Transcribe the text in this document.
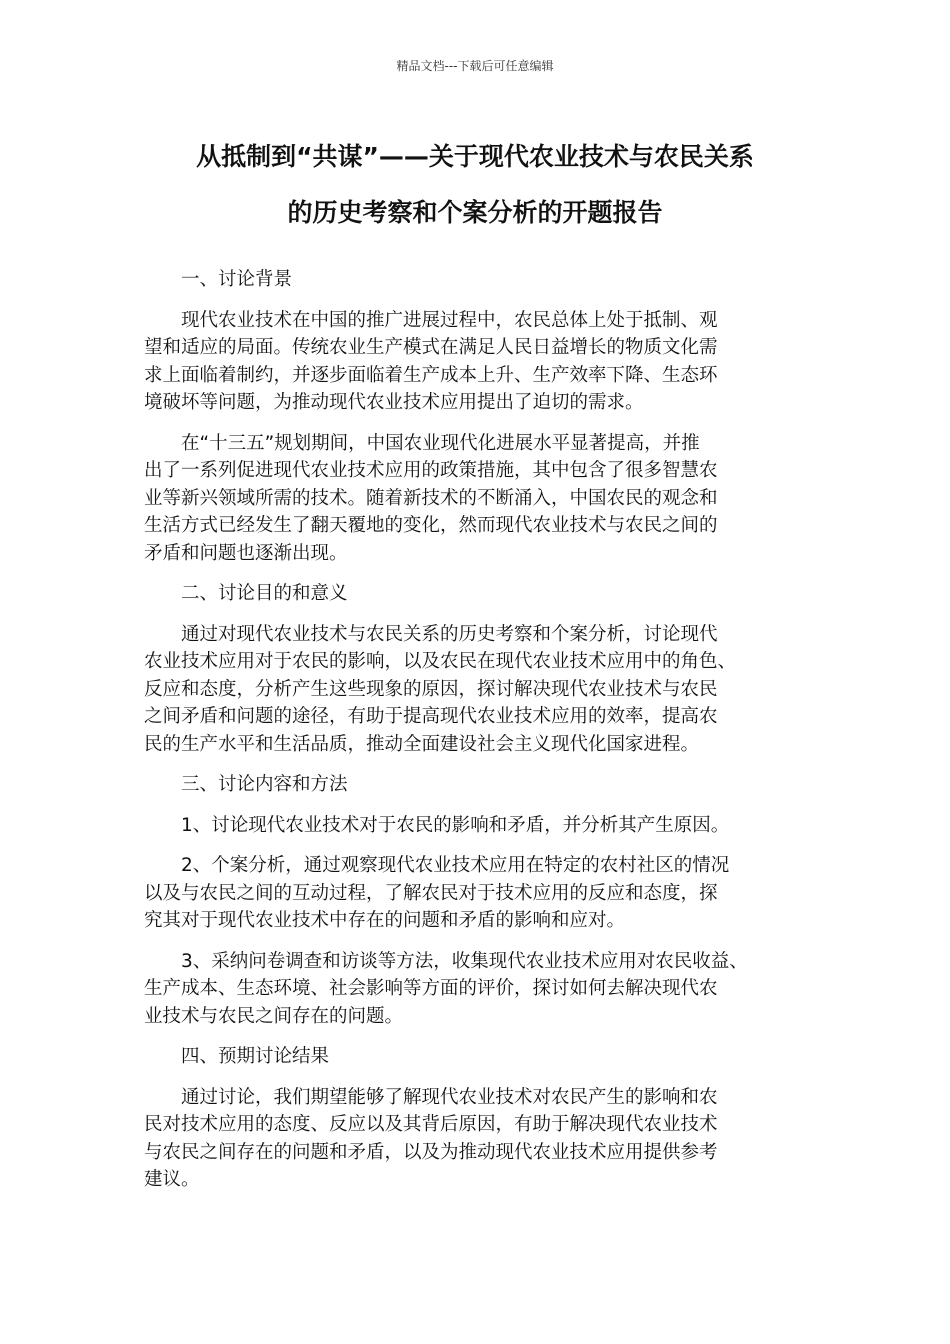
精品文档---下载后可任意编辑
从抵制到“共谋”——关于现代农业技术与农民关系
的历史考察和个案分析的开题报告

一、讨论背景

现代农业技术在中国的推广进展过程中，农民总体上处于抵制、观
望和适应的局面。传统农业生产模式在满足人民日益增长的物质文化需
求上面临着制约，并逐步面临着生产成本上升、生产效率下降、生态环
境破坏等问题，为推动现代农业技术应用提出了迫切的需求。

在“十三五”规划期间，中国农业现代化进展水平显著提高，并推
出了一系列促进现代农业技术应用的政策措施，其中包含了很多智慧农
业等新兴领域所需的技术。随着新技术的不断涌入，中国农民的观念和
生活方式已经发生了翻天覆地的变化，然而现代农业技术与农民之间的
矛盾和问题也逐渐出现。

二、讨论目的和意义

通过对现代农业技术与农民关系的历史考察和个案分析，讨论现代
农业技术应用对于农民的影响，以及农民在现代农业技术应用中的角色、
反应和态度，分析产生这些现象的原因，探讨解决现代农业技术与农民
之间矛盾和问题的途径，有助于提高现代农业技术应用的效率，提高农
民的生产水平和生活品质，推动全面建设社会主义现代化国家进程。

三、讨论内容和方法

1、讨论现代农业技术对于农民的影响和矛盾，并分析其产生原因。

2、个案分析，通过观察现代农业技术应用在特定的农村社区的情况
以及与农民之间的互动过程，了解农民对于技术应用的反应和态度，探
究其对于现代农业技术中存在的问题和矛盾的影响和应对。

3、采纳问卷调查和访谈等方法，收集现代农业技术应用对农民收益、
生产成本、生态环境、社会影响等方面的评价，探讨如何去解决现代农
业技术与农民之间存在的问题。

四、预期讨论结果

通过讨论，我们期望能够了解现代农业技术对农民产生的影响和农
民对技术应用的态度、反应以及其背后原因，有助于解决现代农业技术
与农民之间存在的问题和矛盾，以及为推动现代农业技术应用提供参考
建议。
